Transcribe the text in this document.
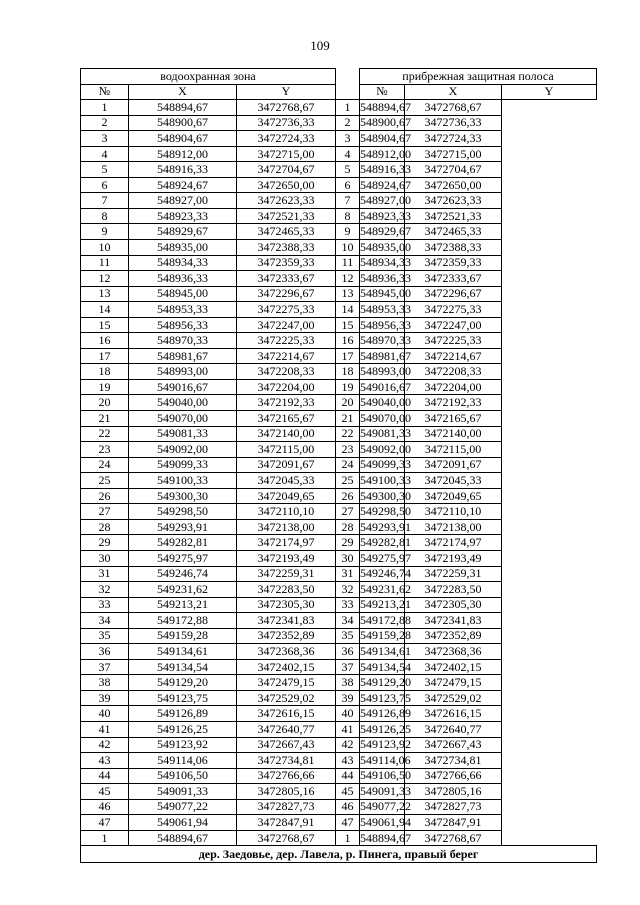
109
водоохранная зона				прибрежная защитная полоса		
№	X	Y		№	X	Y
1	548894,67	3472768,67	1	548894,67	3472768,67	
2	548900,67	3472736,33	2	548900,67	3472736,33	
3	548904,67	3472724,33	3	548904,67	3472724,33	
4	548912,00	3472715,00	4	548912,00	3472715,00	
5	548916,33	3472704,67	5	548916,33	3472704,67	
6	548924,67	3472650,00	6	548924,67	3472650,00	
7	548927,00	3472623,33	7	548927,00	3472623,33	
8	548923,33	3472521,33	8	548923,33	3472521,33	
9	548929,67	3472465,33	9	548929,67	3472465,33	
10	548935,00	3472388,33	10	548935,00	3472388,33	
11	548934,33	3472359,33	11	548934,33	3472359,33	
12	548936,33	3472333,67	12	548936,33	3472333,67	
13	548945,00	3472296,67	13	548945,00	3472296,67	
14	548953,33	3472275,33	14	548953,33	3472275,33	
15	548956,33	3472247,00	15	548956,33	3472247,00	
16	548970,33	3472225,33	16	548970,33	3472225,33	
17	548981,67	3472214,67	17	548981,67	3472214,67	
18	548993,00	3472208,33	18	548993,00	3472208,33	
19	549016,67	3472204,00	19	549016,67	3472204,00	
20	549040,00	3472192,33	20	549040,00	3472192,33	
21	549070,00	3472165,67	21	549070,00	3472165,67	
22	549081,33	3472140,00	22	549081,33	3472140,00	
23	549092,00	3472115,00	23	549092,00	3472115,00	
24	549099,33	3472091,67	24	549099,33	3472091,67	
25	549100,33	3472045,33	25	549100,33	3472045,33	
26	549300,30	3472049,65	26	549300,30	3472049,65	
27	549298,50	3472110,10	27	549298,50	3472110,10	
28	549293,91	3472138,00	28	549293,91	3472138,00	
29	549282,81	3472174,97	29	549282,81	3472174,97	
30	549275,97	3472193,49	30	549275,97	3472193,49	
31	549246,74	3472259,31	31	549246,74	3472259,31	
32	549231,62	3472283,50	32	549231,62	3472283,50	
33	549213,21	3472305,30	33	549213,21	3472305,30	
34	549172,88	3472341,83	34	549172,88	3472341,83	
35	549159,28	3472352,89	35	549159,28	3472352,89	
36	549134,61	3472368,36	36	549134,61	3472368,36	
37	549134,54	3472402,15	37	549134,54	3472402,15	
38	549129,20	3472479,15	38	549129,20	3472479,15	
39	549123,75	3472529,02	39	549123,75	3472529,02	
40	549126,89	3472616,15	40	549126,89	3472616,15	
41	549126,25	3472640,77	41	549126,25	3472640,77	
42	549123,92	3472667,43	42	549123,92	3472667,43	
43	549114,06	3472734,81	43	549114,06	3472734,81	
44	549106,50	3472766,66	44	549106,50	3472766,66	
45	549091,33	3472805,16	45	549091,33	3472805,16	
46	549077,22	3472827,73	46	549077,22	3472827,73	
47	549061,94	3472847,91	47	549061,94	3472847,91	
1	548894,67	3472768,67	1	548894,67	3472768,67	
дер. Заедовье, дер. Лавела, р. Пинега, правый берег						
